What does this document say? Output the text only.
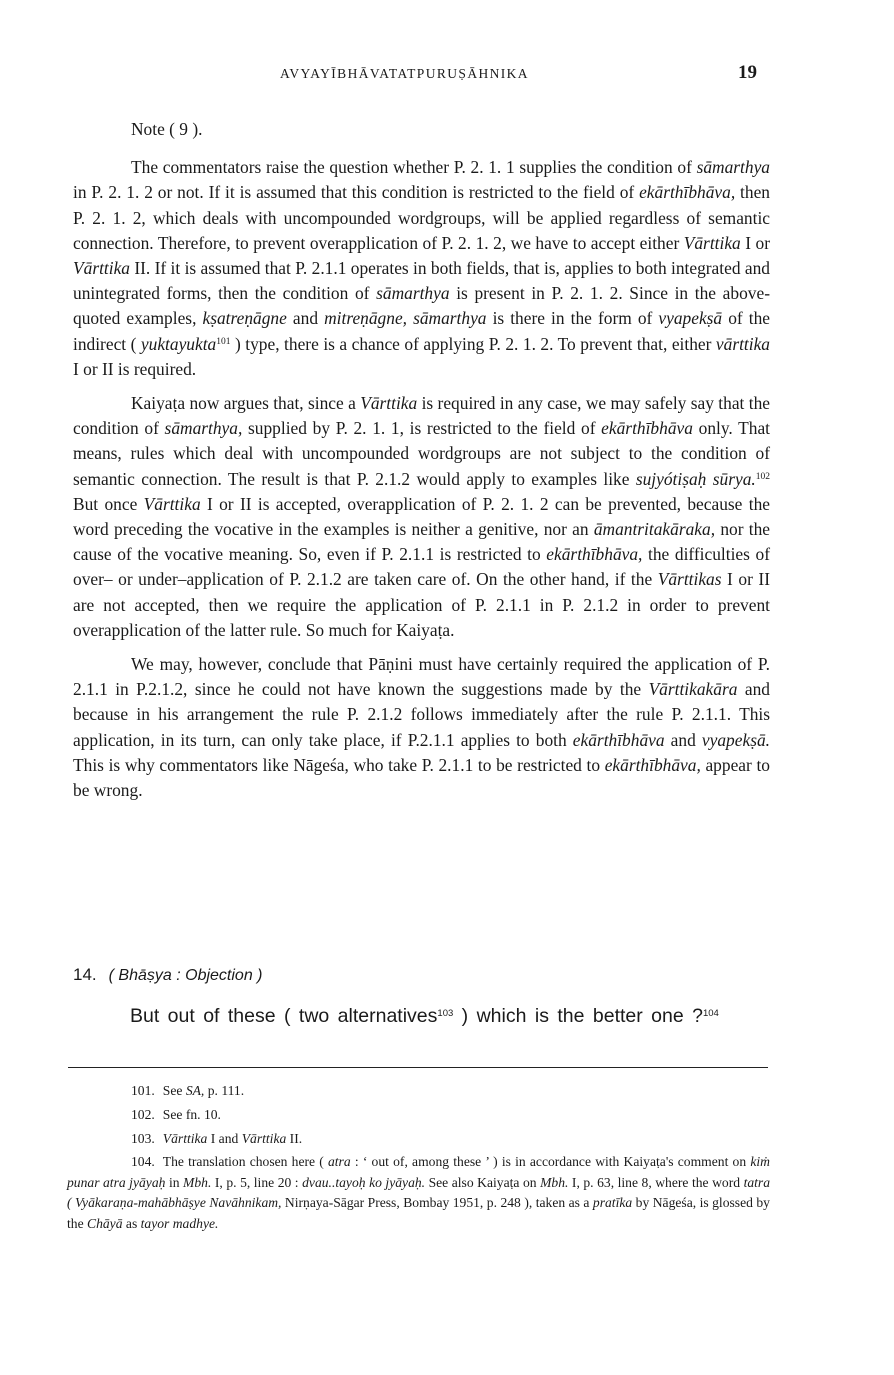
AVYAYĪBHĀVATATPURUṢĀHNIKA	19

Note ( 9 ).

The commentators raise the question whether P. 2. 1. 1 supplies the condition of sāmarthya in P. 2. 1. 2 or not. If it is assumed that this condition is restricted to the field of ekārthībhāva, then P. 2. 1. 2, which deals with uncompounded wordgroups, will be applied regardless of semantic connection. Therefore, to prevent overapplication of P. 2. 1. 2, we have to accept either Vārttika I or Vārttika II. If it is assumed that P. 2.1.1 operates in both fields, that is, applies to both integrated and unintegrated forms, then the condition of sāmarthya is present in P. 2. 1. 2. Since in the above-quoted examples, kṣatreṇāgne and mitreṇāgne, sāmarthya is there in the form of vyapekṣā of the indirect ( yuktayukta$^{101}$ ) type, there is a chance of applying P. 2. 1. 2. To prevent that, either vārttika I or II is required.

Kaiyaṭa now argues that, since a Vārttika is required in any case, we may safely say that the condition of sāmarthya, supplied by P. 2. 1. 1, is restricted to the field of ekārthībhāva only. That means, rules which deal with uncompounded wordgroups are not subject to the condition of semantic connection. The result is that P. 2.1.2 would apply to examples like sujyótiṣaḥ sūrya.$^{102}$ But once Vārttika I or II is accepted, overapplication of P. 2. 1. 2 can be prevented, because the word preceding the vocative in the examples is neither a genitive, nor an āmantritakāraka, nor the cause of the vocative meaning. So, even if P. 2.1.1 is restricted to ekārthībhāva, the difficulties of over– or under–application of P. 2.1.2 are taken care of. On the other hand, if the Vārttikas I or II are not accepted, then we require the application of P. 2.1.1 in P. 2.1.2 in order to prevent overapplication of the latter rule. So much for Kaiyaṭa.

We may, however, conclude that Pāṇini must have certainly required the application of P. 2.1.1 in P.2.1.2, since he could not have known the suggestions made by the Vārttikakāra and because in his arrangement the rule P. 2.1.2 follows immediately after the rule P. 2.1.1. This application, in its turn, can only take place, if P.2.1.1 applies to both ekārthībhāva and vyapekṣā. This is why commentators like Nāgeśa, who take P. 2.1.1 to be restricted to ekārthībhāva, appear to be wrong.

14. ( Bhāṣya : Objection )

But out of these ( two alternatives$^{103}$ ) which is the better one ?$^{104}$

101. See SA, p. 111.

102. See fn. 10.

103. Vārttika I and Vārttika II.

104. The translation chosen here ( atra : ‘ out of, among these ’ ) is in accordance with Kaiyaṭa's comment on kiṁ punar atra jyāyaḥ in Mbh. I, p. 5, line 20 : dvau..tayoḥ ko jyāyaḥ. See also Kaiyaṭa on Mbh. I, p. 63, line 8, where the word tatra ( Vyākaraṇa-mahābhāṣye Navāhnikam, Nirṇaya-Sāgar Press, Bombay 1951, p. 248 ), taken as a pratīka by Nāgeśa, is glossed by the Chāyā as tayor madhye.
